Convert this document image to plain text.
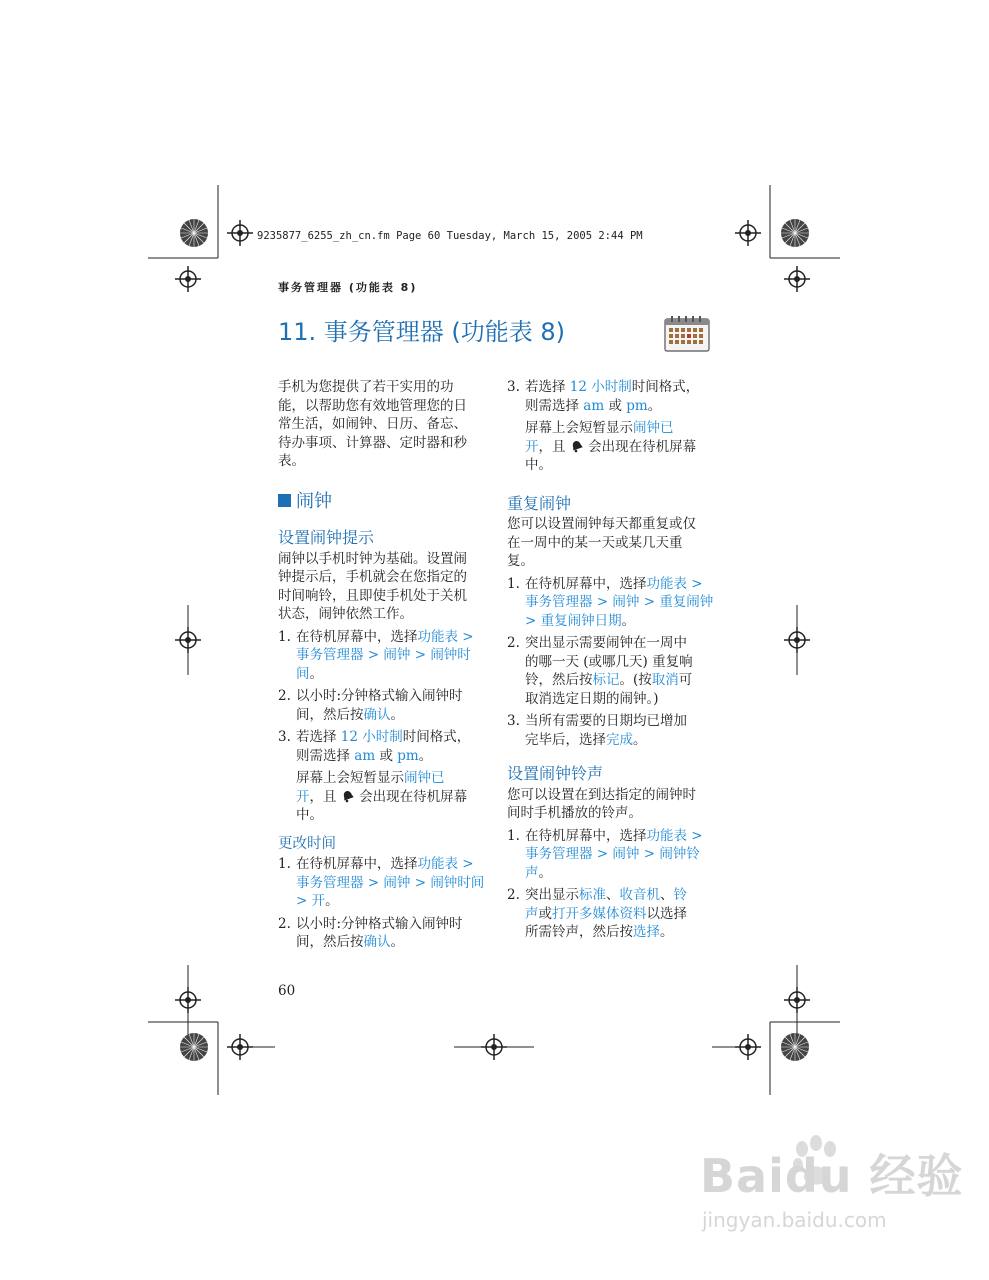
9235877_6255_zh_cn.fm Page 60 Tuesday, March 15, 2005 2:44 PM
事务管理器 (功能表 8)
11. 事务管理器 (功能表 8)

手机为您提供了若干实用的功

能，以帮助您有效地管理您的日

常生活，如闹钟、日历、备忘、

待办事项、计算器、定时器和秒

表。

闹钟
设置闹钟提示

闹钟以手机时钟为基础。设置闹

钟提示后，手机就会在您指定的

时间响铃，且即使手机处于关机

状态，闹钟依然工作。

1. 在待机屏幕中，选择功能表 >

事务管理器 > 闹钟 > 闹钟时

间。

2. 以小时:分钟格式输入闹钟时

间，然后按确认。

3. 若选择 12 小时制时间格式，

则需选择 am 或 pm。

屏幕上会短暂显示闹钟已

开，且  会出现在待机屏幕

中。

更改时间
1. 在待机屏幕中，选择功能表 >

事务管理器 > 闹钟 > 闹钟时间

> 开。

2. 以小时:分钟格式输入闹钟时

间，然后按确认。

3. 若选择 12 小时制时间格式，

则需选择 am 或 pm。

屏幕上会短暂显示闹钟已

开，且  会出现在待机屏幕

中。

重复闹钟

您可以设置闹钟每天都重复或仅

在一周中的某一天或某几天重

复。

1. 在待机屏幕中，选择功能表 >

事务管理器 > 闹钟 > 重复闹钟

> 重复闹钟日期。

2. 突出显示需要闹钟在一周中

的哪一天 (或哪几天) 重复响

铃，然后按标记。(按取消可

取消选定日期的闹钟。)

3. 当所有需要的日期均已增加

完毕后，选择完成。

设置闹钟铃声

您可以设置在到达指定的闹钟时

间时手机播放的铃声。

1. 在待机屏幕中，选择功能表 >

事务管理器 > 闹钟 > 闹钟铃

声。

2. 突出显示标准、收音机、铃

声或打开多媒体资料以选择

所需铃声，然后按选择。

60
Baidu 经验
jingyan.baidu.com
